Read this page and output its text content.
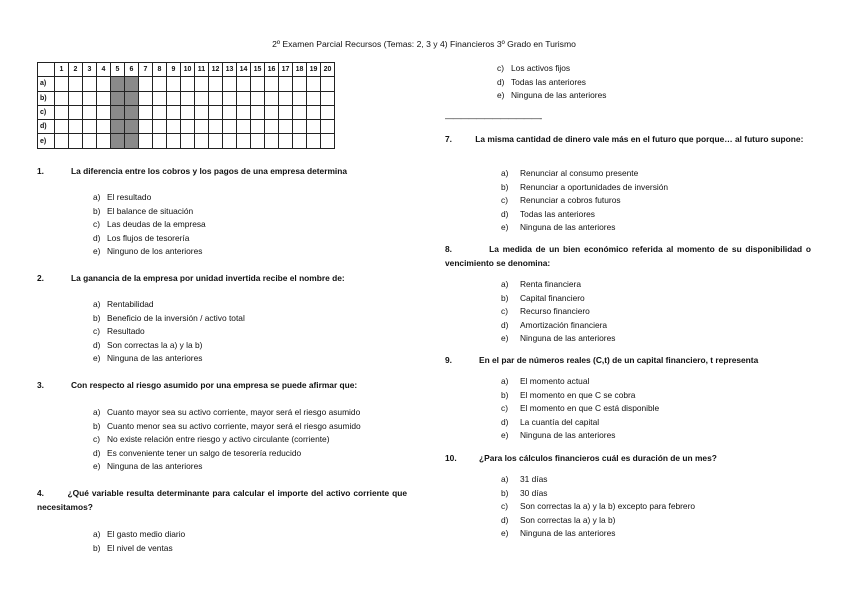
2º Examen Parcial Recursos (Temas: 2, 3 y 4) Financieros 3º Grado en Turismo
	1	2	3	4	5	6	7	8	9	10	11	12	13	14	15	16	17	18	19	20
a)																				
b)																				
c)																				
d)																				
e)																				
1.	La diferencia entre los cobros y los pagos de una empresa determina
a) El resultado
b) El balance de situación
c) Las deudas de la empresa
d) Los flujos de tesorería
e) Ninguno de los anteriores
2.	La ganancia de la empresa por unidad invertida recibe el nombre de:
a) Rentabilidad
b) Beneficio de la inversión / activo total
c) Resultado
d) Son correctas la a) y la b)
e) Ninguna de las anteriores
3.	Con respecto al riesgo asumido por una empresa se puede afirmar que:
a) Cuanto mayor sea su activo corriente, mayor será el riesgo asumido
b) Cuanto menor sea su activo corriente, mayor será el riesgo asumido
c) No existe relación entre riesgo y activo circulante (corriente)
d) Es conveniente tener un salgo de tesorería reducido
e) Ninguna de las anteriores
4.	¿Qué variable resulta determinante para calcular el importe del activo corriente que necesitamos?
a) El gasto medio diario
b) El nivel de ventas
c) Los activos fijos
d) Todas las anteriores
e) Ninguna de las anteriores
————————————-
7.	La misma cantidad de dinero vale más en el futuro que porque… al futuro supone:
a) Renunciar al consumo presente
b) Renunciar a oportunidades de inversión
c) Renunciar a cobros futuros
d) Todas las anteriores
e) Ninguna de las anteriores
8.	La medida de un bien económico referida al momento de su disponibilidad o vencimiento se denomina:
a) Renta financiera
b) Capital financiero
c) Recurso financiero
d) Amortización financiera
e) Ninguna de las anteriores
9.	En el par de números reales (C,t) de un capital financiero, t representa
a) El momento actual
b) El momento en que C se cobra
c) El momento en que C está disponible
d) La cuantía del capital
e) Ninguna de las anteriores
10.	¿Para los cálculos financieros cuál es duración de un mes?
a) 31 días
b) 30 días
c) Son correctas la a) y la b) excepto para febrero
d) Son correctas la a) y la b)
e) Ninguna de las anteriores
